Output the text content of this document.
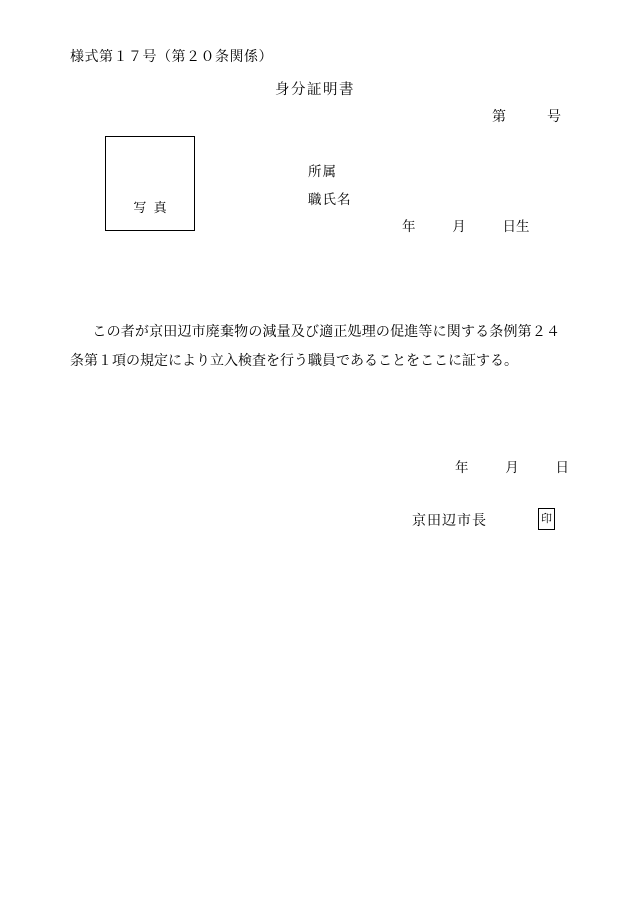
様式第１７号（第２０条関係）
身分証明書
第	号
写 真
所属
職氏名
年	月	日生
この者が京田辺市廃棄物の減量及び適正処理の促進等に関する条例第２４条第１項の規定により立入検査を行う職員であることをここに証する。
年	月	日
京田辺市長	印
